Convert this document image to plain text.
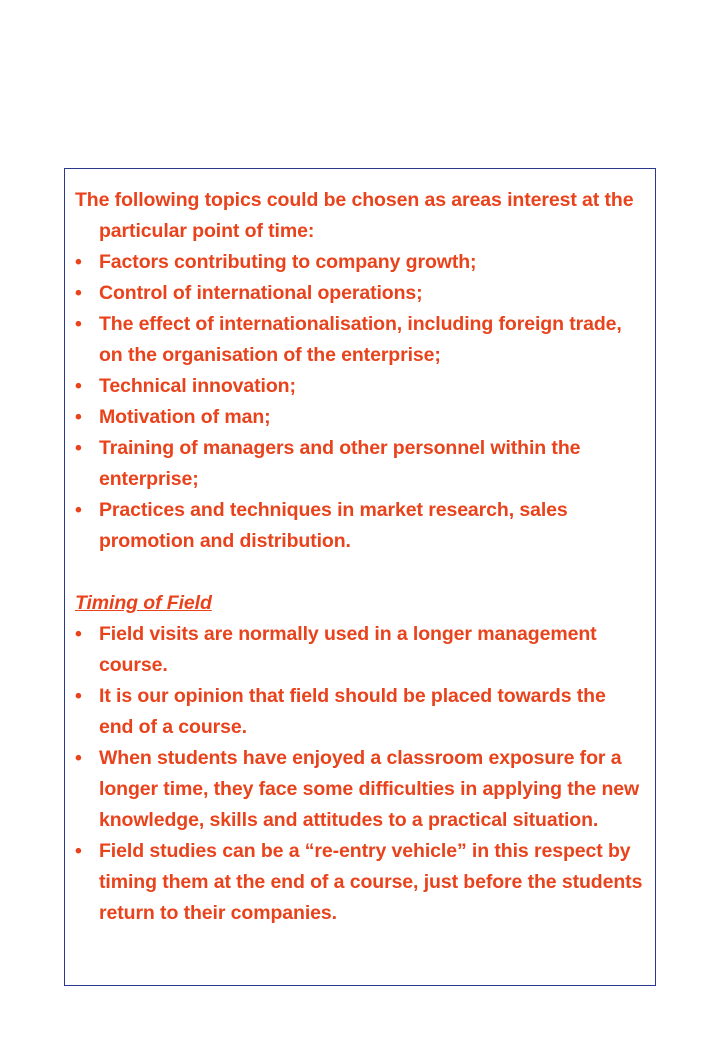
The following topics could be chosen as areas interest at the particular point of time:

• Factors contributing to company growth;
• Control of international operations;
• The effect of internationalisation, including foreign trade, on the organisation of the enterprise;
• Technical innovation;
• Motivation of man;
• Training of managers and other personnel within the enterprise;
• Practices and techniques in market research, sales promotion and distribution.

Timing of Field

• Field visits are normally used in a longer management course.
• It is our opinion that field should be placed towards the end of a course.
• When students have enjoyed a classroom exposure for a longer time, they face some difficulties in applying the new knowledge, skills and attitudes to a practical situation.
• Field studies can be a “re-entry vehicle” in this respect by timing them at the end of a course, just before the students return to their companies.
